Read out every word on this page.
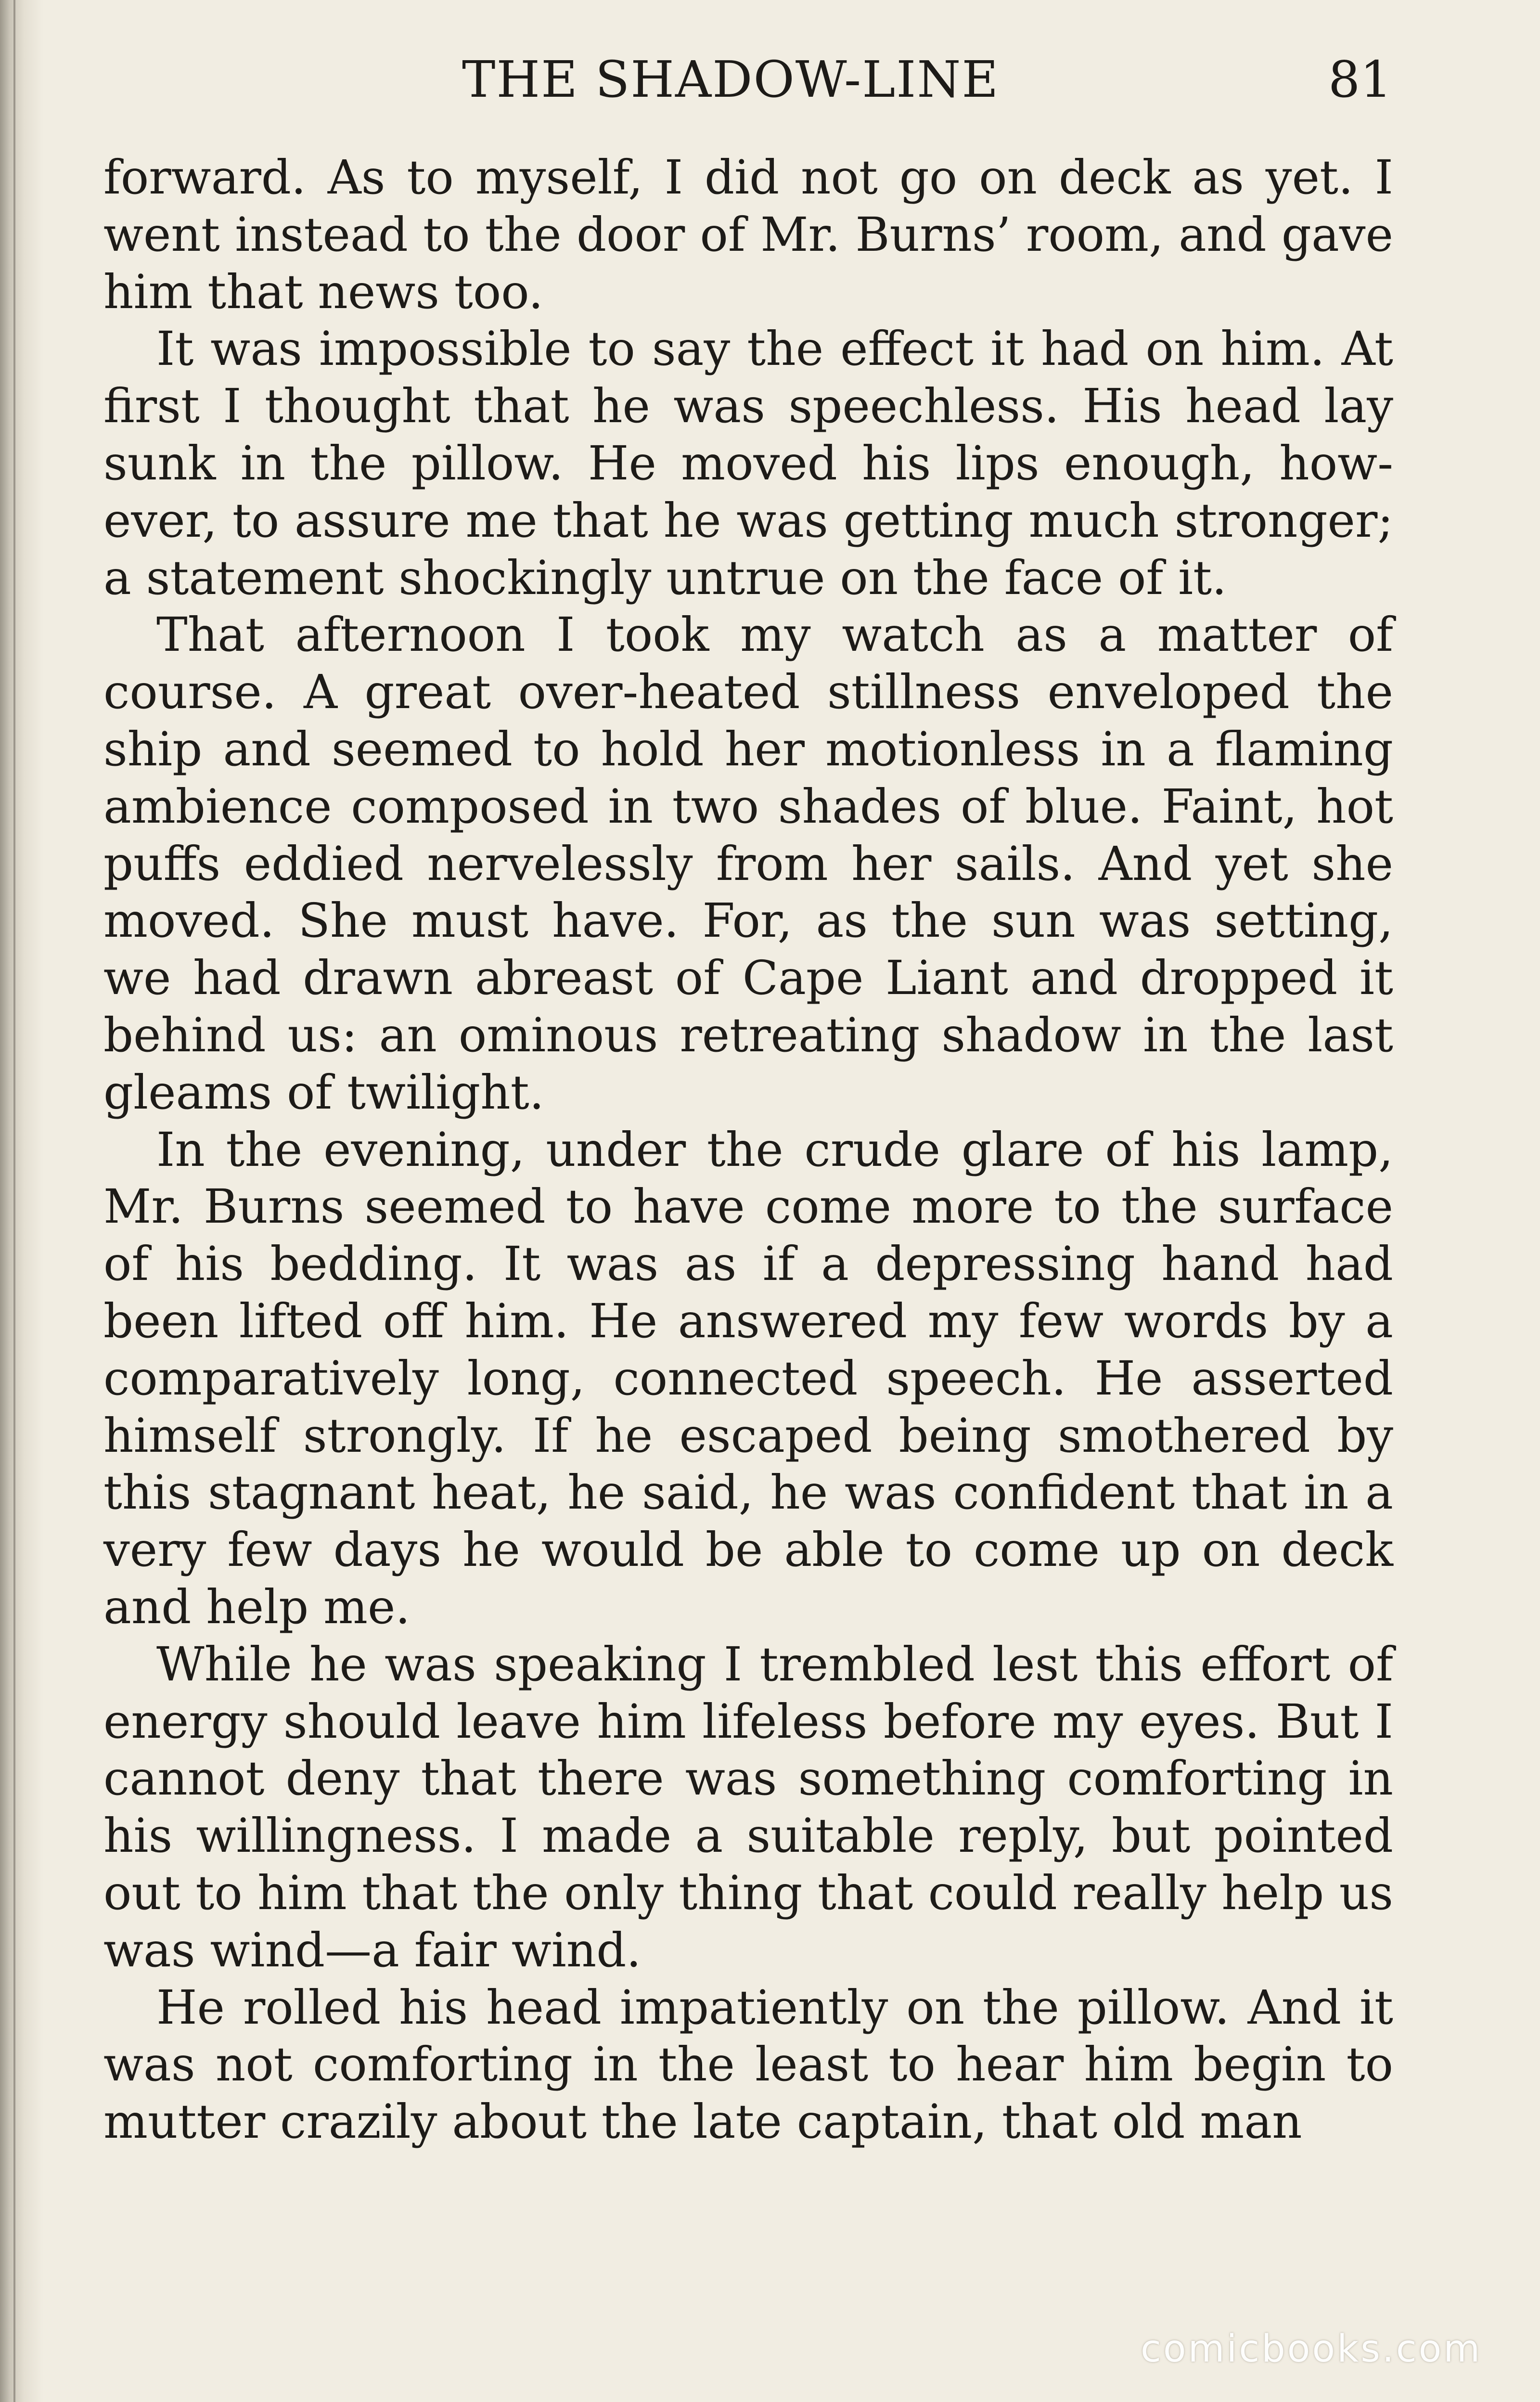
THE SHADOW-LINE	81

forward. As to myself, I did not go on deck as yet. I went instead to the door of Mr. Burns’ room, and gave him that news too.

It was impossible to say the effect it had on him. At first I thought that he was speechless. His head lay sunk in the pillow. He moved his lips enough, however, to assure me that he was getting much stronger; a statement shockingly untrue on the face of it.

That afternoon I took my watch as a matter of course. A great over-heated stillness enveloped the ship and seemed to hold her motionless in a flaming ambience composed in two shades of blue. Faint, hot puffs eddied nervelessly from her sails. And yet she moved. She must have. For, as the sun was setting, we had drawn abreast of Cape Liant and dropped it behind us: an ominous retreating shadow in the last gleams of twilight.

In the evening, under the crude glare of his lamp, Mr. Burns seemed to have come more to the surface of his bedding. It was as if a depressing hand had been lifted off him. He answered my few words by a comparatively long, connected speech. He asserted himself strongly. If he escaped being smothered by this stagnant heat, he said, he was confident that in a very few days he would be able to come up on deck and help me.

While he was speaking I trembled lest this effort of energy should leave him lifeless before my eyes. But I cannot deny that there was something comforting in his willingness. I made a suitable reply, but pointed out to him that the only thing that could really help us was wind—a fair wind.

He rolled his head impatiently on the pillow. And it was not comforting in the least to hear him begin to mutter crazily about the late captain, that old man

comicbooks.com
